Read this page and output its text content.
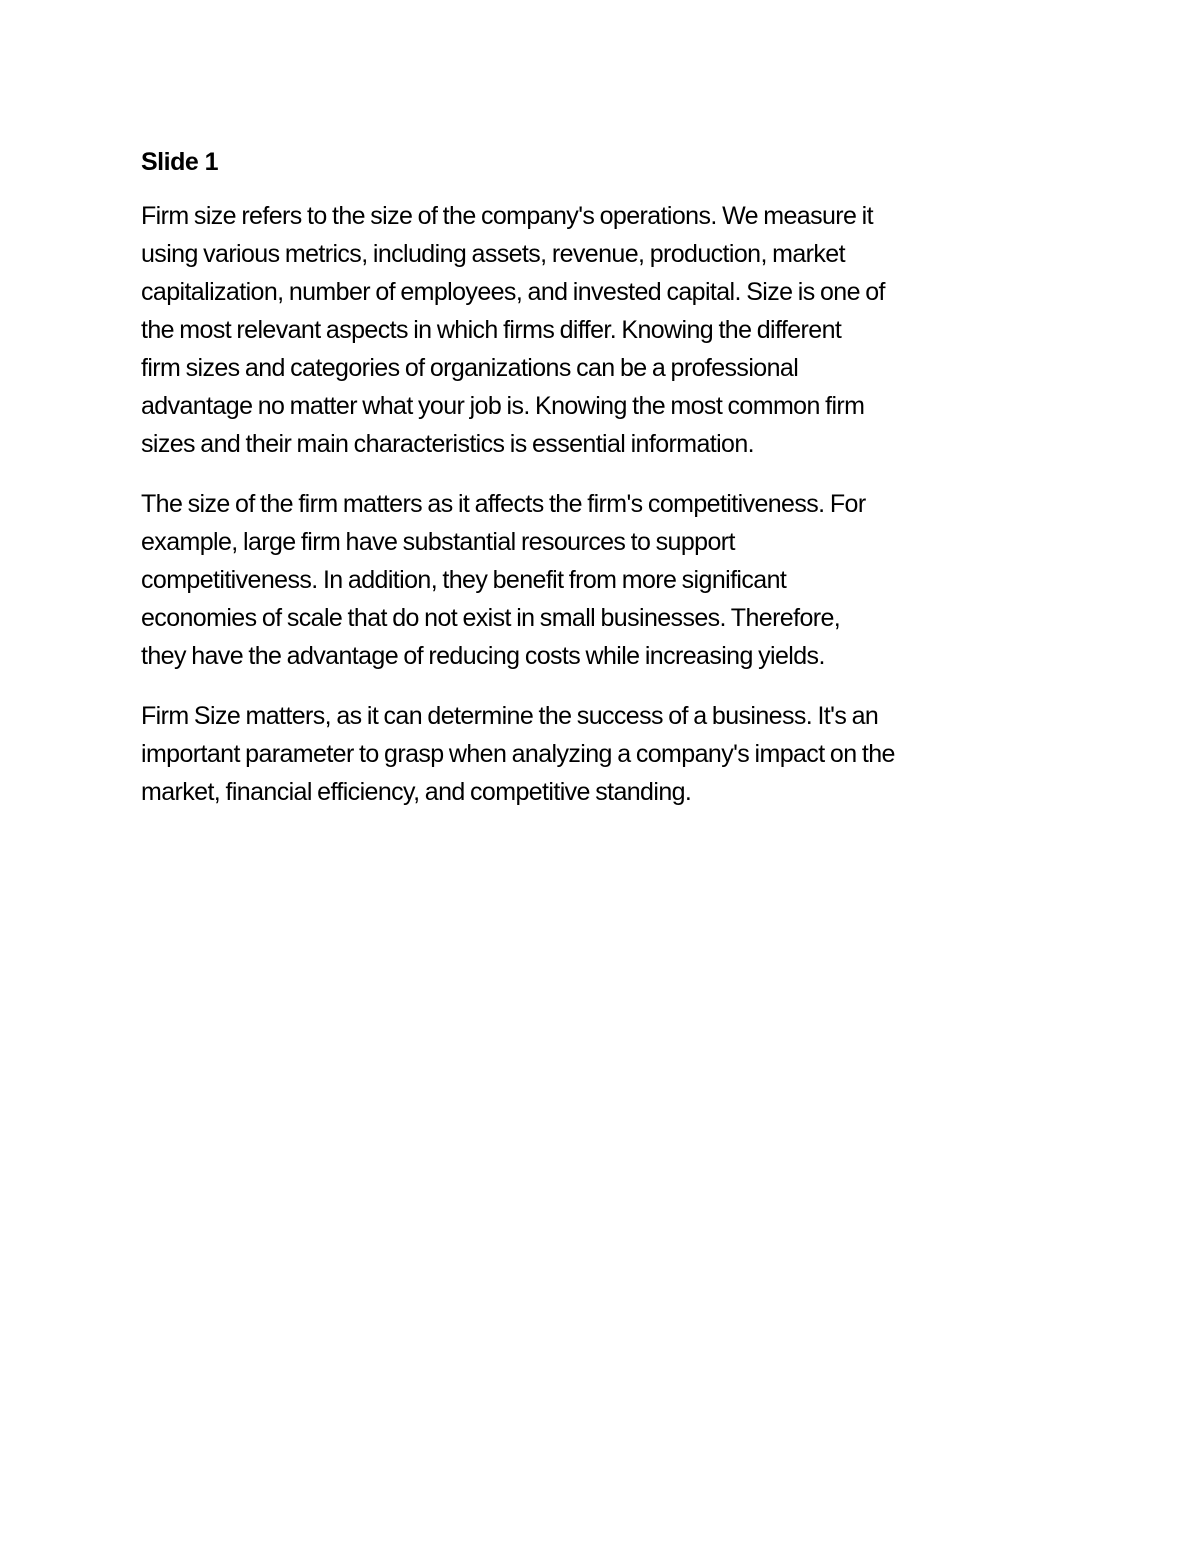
Slide 1
Firm size refers to the size of the company's operations. We measure it
using various metrics, including assets, revenue, production, market
capitalization, number of employees, and invested capital. Size is one of
the most relevant aspects in which firms differ. Knowing the different
firm sizes and categories of organizations can be a professional
advantage no matter what your job is. Knowing the most common firm
sizes and their main characteristics is essential information.
The size of the firm matters as it affects the firm's competitiveness. For
example, large firm have substantial resources to support
competitiveness. In addition, they benefit from more significant
economies of scale that do not exist in small businesses. Therefore,
they have the advantage of reducing costs while increasing yields.
Firm Size matters, as it can determine the success of a business. It's an
important parameter to grasp when analyzing a company's impact on the
market, financial efficiency, and competitive standing.
